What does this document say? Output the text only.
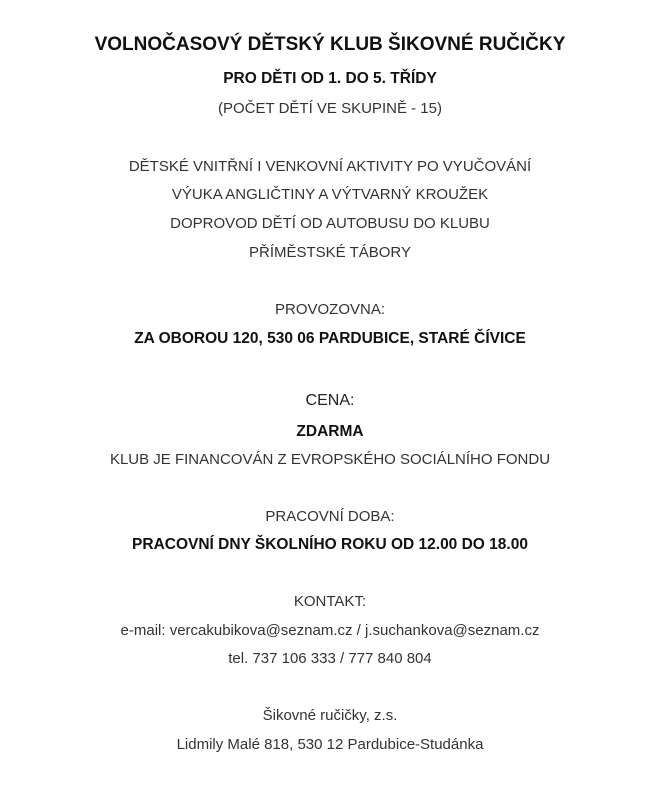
VOLNOČASOVÝ DĚTSKÝ KLUB ŠIKOVNÉ RUČIČKY
PRO DĚTI OD 1. DO 5. TŘÍDY
(POČET DĚTÍ VE SKUPINĚ - 15)
DĚTSKÉ VNITŘNÍ I VENKOVNÍ AKTIVITY PO VYUČOVÁNÍ
VÝUKA ANGLIČTINY A VÝTVARNÝ KROUŽEK
DOPROVOD DĚTÍ OD AUTOBUSU DO KLUBU
PŘÍMĚSTSKÉ TÁBORY
PROVOZOVNA:
ZA OBOROU 120, 530 06 PARDUBICE, STARÉ ČÍVICE
CENA:
ZDARMA
KLUB JE FINANCOVÁN Z EVROPSKÉHO SOCIÁLNÍHO FONDU
PRACOVNÍ DOBA:
PRACOVNÍ DNY ŠKOLNÍHO ROKU OD 12.00 DO 18.00
KONTAKT:
e-mail: vercakubikova@seznam.cz / j.suchankova@seznam.cz
tel. 737 106 333 / 777 840 804
Šikovné ručičky, z.s.
Lidmily Malé 818, 530 12 Pardubice-Studánka
